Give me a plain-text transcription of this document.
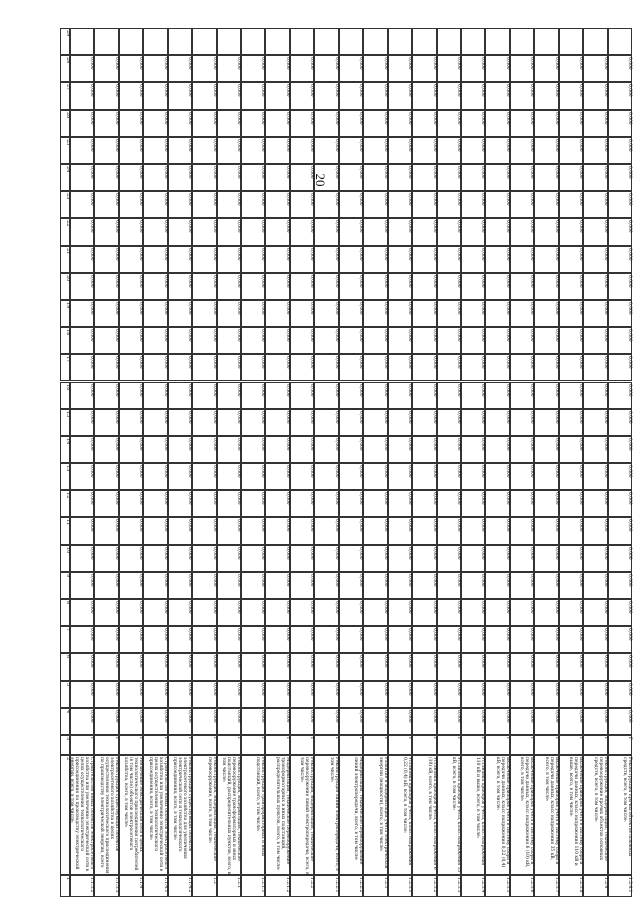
20
1
2
3
4
5
6
7
8
9
10
11
12
13
14
15
16
17
18
19
20
21
22
23
24
25
26
27
28
29
1.1.3.2
Строительство новых объектов электросетевого хозяйства или увеличение электрической сети в целях осуществления технологического присоединения по производству электрической энергии, всего, в том числе:
Г
0,000
0,000
0,000
0,000
0,000
0,000
0,000
0,000
0,000
0,000
0,000
0,000
0,000
0,000
0,000
0,000
0,000
0,000
0,000
0,000
0,000
0,000
0,000
0,000
0,000
1.1.3.3
Реконструкция существующих объектов электросетевого хозяйства в целях осуществления технологического присоединения по производству электрической энергии, всего
Г
0,000
0,000
0,000
0,000
0,000
0,000
0,000
0,000
0,000
0,000
0,000
0,000
0,000
0,000
0,000
0,000
0,000
0,000
0,000
0,000
0,000
0,000
0,000
0,000
0,000
1.1.4
Увеличение электрической сети в целях технологического присоединения потребителей (в том числе) объектов электросетевого хозяйства, всего, в том числе:
Г
0,000
0,000
0,000
0,000
0,000
0,000
0,000
0,000
0,000
0,000
0,000
0,000
0,000
0,000
0,000
0,000
0,000
0,000
0,000
0,000
0,000
0,000
0,000
0,000
0,000
1.1.4.1
Строительство новых объектов электросетевого хозяйства или увеличение электрической сети в целях осуществления технологического присоединения, всего, в том числе:
Г
0,000
0,000
0,000
0,000
0,000
0,000
0,000
0,000
0,000
0,000
0,000
0,000
0,000
0,000
0,000
0,000
0,000
0,000
0,000
0,000
0,000
0,000
0,000
0,000
0,000
1.1.4.2
Реконструкция существующих объектов электросетевого хозяйства для увеличения электрической сети и технологического присоединения, всего, в том числе:
Г
0,000
0,000
0,000
0,000
0,000
0,000
0,000
0,000
0,000
0,000
0,000
0,000
0,000
0,000
0,000
0,000
0,000
0,000
0,000
0,000
0,000
0,000
0,000
0,000
0,000
1.2
Реконструкция, модернизация, техническое перевооружение, всего, в том числе:
Г
0,000
0,000
0,000
0,000
0,000
0,000
0,000
0,000
0,000
0,000
0,000
0,000
0,000
0,000
0,000
0,000
0,000
0,000
0,000
0,000
0,000
0,000
0,000
0,000
0,000
1.2.1
Реконструкция, модернизация, техническое перевооружение трансформаторных и иных подстанций, распределительных пунктов, всего, в том числе:
Г
0,000
0,000
0,000
0,000
0,000
0,000
0,000
0,000
0,000
0,000
0,000
0,000
0,000
0,000
0,000
0,000
0,000
0,000
0,000
0,000
0,000
0,000
0,000
0,000
0,000
1.2.1.1
Реконструкция трансформаторных и иных подстанций, всего, в том числе:
Г
0,000
0,000
0,000
0,000
0,000
0,000
0,000
0,000
0,000
0,000
0,000
0,000
0,000
0,000
0,000
0,000
0,000
0,000
0,000
0,000
0,000
0,000
0,000
0,000
0,000
1.2.1.2
Модернизация, техническое перевооружение трансформаторных и иных подстанций, распределительных пунктов, всего, в том числе:
Г
0,000
0,000
0,000
0,000
0,000
0,000
0,000
0,000
0,000
0,000
0,000
0,000
0,000
0,000
0,000
0,000
0,000
0,000
0,000
0,000
0,000
0,000
0,000
0,000
0,000
1.2.2
Реконструкция, модернизация, техническое перевооружение линий электропередачи, всего, в том числе:
Г
0,000
0,000
0,000
0,000
0,000
0,000
0,000
0,000
0,000
0,000
0,000
0,000
0,000
0,000
0,000
0,000
0,000
0,000
0,000
0,000
0,000
0,000
0,000
0,000
0,000
1.2.2.1
Реконструкция линий электропередачи, всего, в том числе:
Г
0,000
0,000
0,000
0,000
0,000
0,000
0,000
0,000
0,000
0,000
0,000
0,000
0,000
0,000
0,000
0,000
0,000
0,000
0,000
0,000
0,000
0,000
0,000
0,000
0,000
1.2.2.2
Модернизация, техническое перевооружение линий электропередачи, всего, в том числе:
Г
0,000
0,000
0,000
0,000
0,000
0,000
0,000
0,000
0,000
0,000
0,000
0,000
0,000
0,000
0,000
0,000
0,000
0,000
0,000
0,000
0,000
0,000
0,000
0,000
0,000
1.2.3
Развитие и модернизация учета электрической энергии (мощности), всего, в том числе:
Г
0,000
0,000
0,000
0,000
0,000
0,000
0,000
0,000
0,000
0,000
0,000
0,000
0,000
0,000
0,000
0,000
0,000
0,000
0,000
0,000
0,000
0,000
0,000
0,000
0,000
1.2.3.1
Установка приборов учета, класс напряжения 0,22 (0,4) кВ, всего, в том числе:
Г
0,000
0,000
0,000
0,000
0,000
0,000
0,000
0,000
0,000
0,000
0,000
0,000
0,000
0,000
0,000
0,000
0,000
0,000
0,000
0,000
0,000
0,000
0,000
0,000
0,000
1.2.3.2
Установка приборов учета, класс напряжения 6 (10) кВ, всего, в том числе:
Г
0,000
0,000
0,000
0,000
0,000
0,000
0,000
0,000
0,000
0,000
0,000
0,000
0,000
0,000
0,000
0,000
0,000
0,000
0,000
0,000
0,000
0,000
0,000
0,000
0,000
1.2.3.3
Установка приборов учета, класс напряжения 35 кВ, всего, в том числе:
Г
0,000
0,000
0,000
0,000
0,000
0,000
0,000
0,000
0,000
0,000
0,000
0,000
0,000
0,000
0,000
0,000
0,000
0,000
0,000
0,000
0,000
0,000
0,000
0,000
0,000
1.2.3.4
Установка приборов учета, класс напряжения 110 кВ и выше, всего, в том числе:
Г
0,000
0,000
0,000
0,000
0,000
0,000
0,000
0,000
0,000
0,000
0,000
0,000
0,000
0,000
0,000
0,000
0,000
0,000
0,000
0,000
0,000
0,000
0,000
0,000
0,000
1.2.3.5
Включение приборов учета в систему сбора и передачи данных, класс напряжения 0,22 (0,4) кВ, всего, в том числе:
Г
0,000
0,000
0,000
0,000
0,000
0,000
0,000
0,000
0,000
0,000
0,000
0,000
0,000
0,000
0,000
0,000
0,000
0,000
0,000
0,000
0,000
0,000
0,000
0,000
0,000
1.2.3.6
Включение приборов учета в систему сбора и передачи данных, класс напряжения 6 (10) кВ, всего, в том числе:
Г
0,000
0,000
0,000
0,000
0,000
0,000
0,000
0,000
0,000
0,000
0,000
0,000
0,000
0,000
0,000
0,000
0,000
0,000
0,000
0,000
0,000
0,000
0,000
0,000
0,000
1.2.3.7
Включение приборов учета в систему сбора и передачи данных, класс напряжения 35 кВ, всего, в том числе:
Г
0,000
0,000
0,000
0,000
0,000
0,000
0,000
0,000
0,000
0,000
0,000
0,000
0,000
0,000
0,000
0,000
0,000
0,000
0,000
0,000
0,000
0,000
0,000
0,000
0,000
1.2.3.8
Включение приборов учета в систему сбора и передачи данных, класс напряжения 110 кВ и выше, всего, в том числе:
Г
0,000
0,000
0,000
0,000
0,000
0,000
0,000
0,000
0,000
0,000
0,000
0,000
0,000
0,000
0,000
0,000
0,000
0,000
0,000
0,000
0,000
0,000
0,000
0,000
0,000
1.2.4
Реконструкция, модернизация, техническое перевооружение прочих объектов основных средств, всего, в том числе:
Г
0,000
0,000
0,000
0,000
0,000
0,000
0,000
0,000
0,000
0,000
0,000
0,000
0,000
0,000
0,000
0,000
0,000
0,000
0,000
0,000
0,000
0,000
0,000
0,000
0,000
1.2.4.1
Реконструкция прочих объектов основных средств, всего, в том числе:
Г
0,000
0,000
0,000
0,000
0,000
0,000
0,000
0,000
0,000
0,000
0,000
0,000
0,000
0,000
0,000
0,000
0,000
0,000
0,000
0,000
0,000
0,000
0,000
0,000
0,000
